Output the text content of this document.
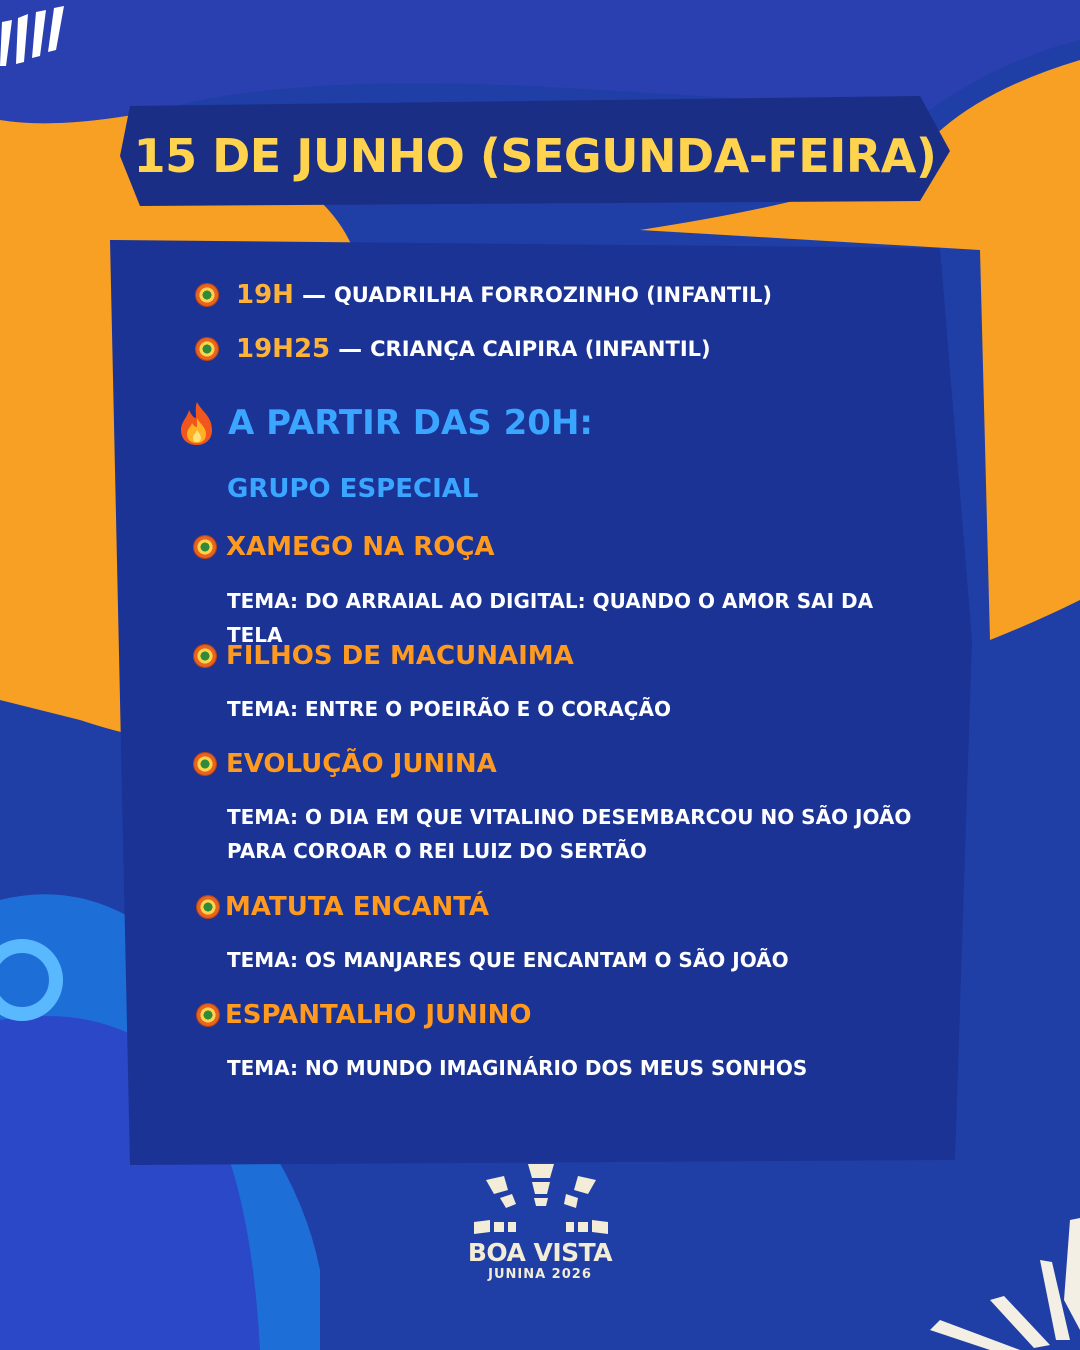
15 DE JUNHO (SEGUNDA-FEIRA)
19H — QUADRILHA FORROZINHO (INFANTIL)
19H25 — CRIANÇA CAIPIRA (INFANTIL)
A PARTIR DAS 20H:
GRUPO ESPECIAL
XAMEGO NA ROÇA
TEMA: DO ARRAIAL AO DIGITAL: QUANDO O AMOR SAI DA TELA
FILHOS DE MACUNAIMA
TEMA: ENTRE O POEIRÃO E O CORAÇÃO
EVOLUÇÃO JUNINA
TEMA: O DIA EM QUE VITALINO DESEMBARCOU NO SÃO JOÃO PARA COROAR O REI LUIZ DO SERTÃO
MATUTA ENCANTÁ
TEMA: OS MANJARES QUE ENCANTAM O SÃO JOÃO
ESPANTALHO JUNINO
TEMA: NO MUNDO IMAGINÁRIO DOS MEUS SONHOS
BOA VISTA
JUNINA 2026
